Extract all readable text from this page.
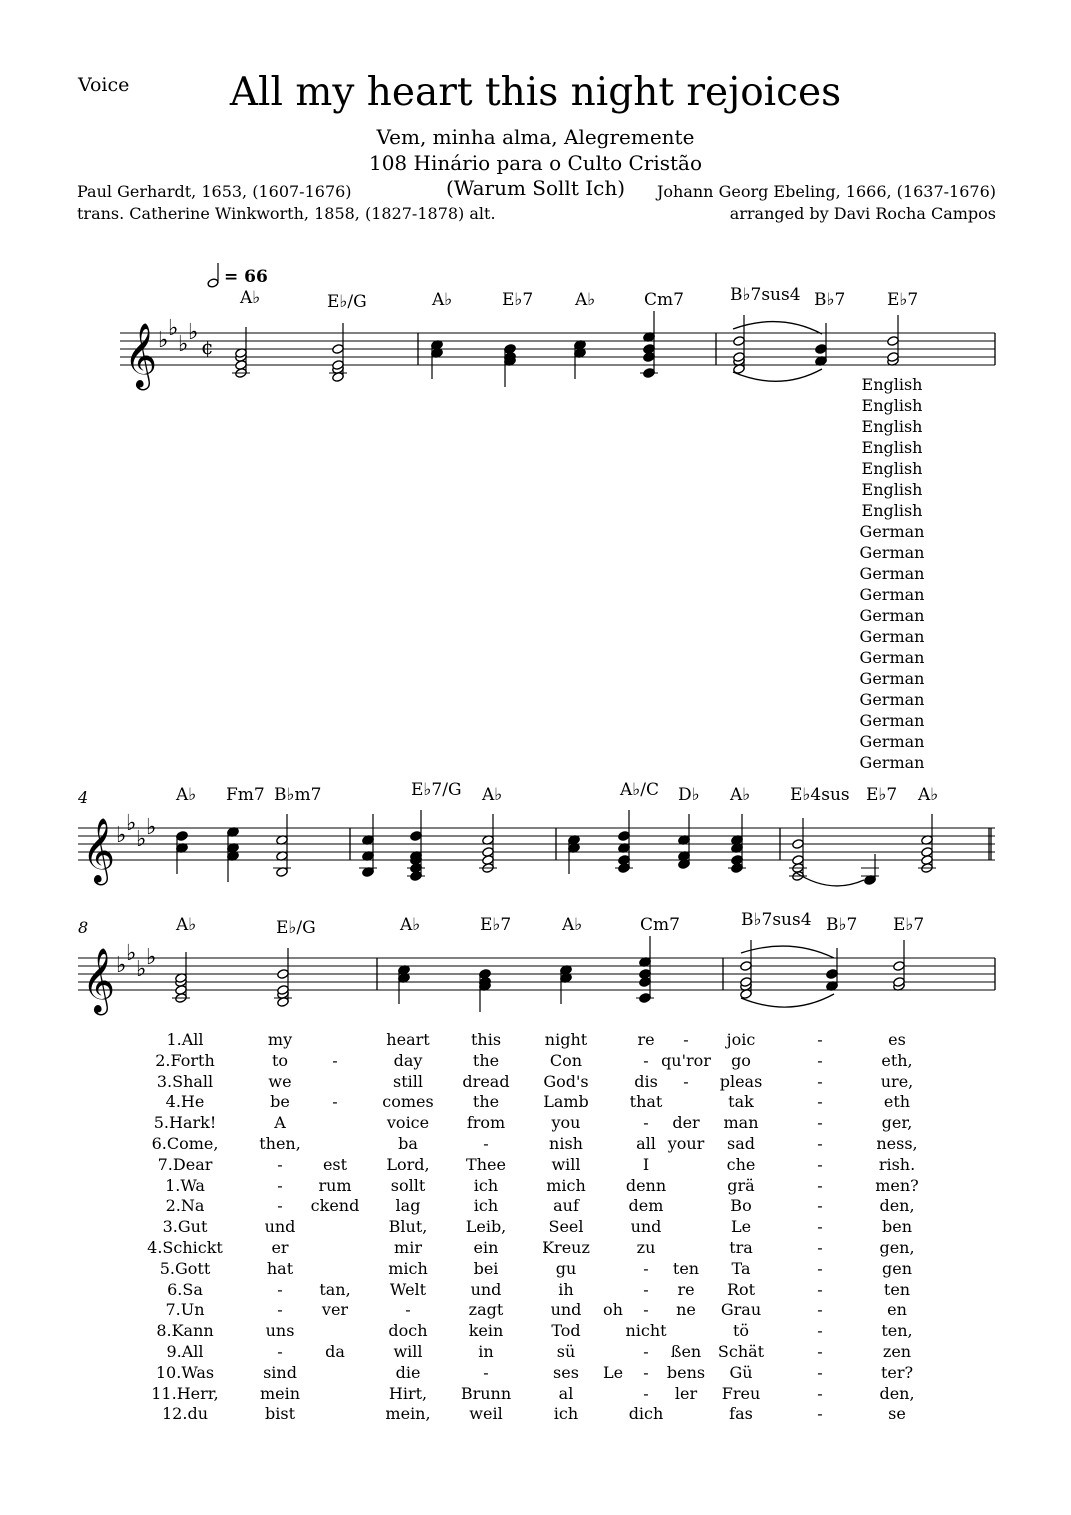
Voice	All my heart this night rejoices
Vem, minha alma, Alegremente
108 Hinário para o Culto Cristão
(Warum Sollt Ich)
Paul Gerhardt, 1653, (1607-1676)
trans. Catherine Winkworth, 1858, (1827-1878) alt.
Johann Georg Ebeling, 1666, (1637-1676)
arranged by Davi Rocha Campos
= 66
4
8
A♭	E♭/G	A♭	E♭7 A♭	Cm7	B♭7sus4 B♭7 E♭7
A♭ Fm7 B♭m7	E♭7/G A♭	A♭/C D♭ A♭ E♭4sus E♭7 A♭
A♭	E♭/G	A♭	E♭7	A♭	Cm7	B♭7sus4 B♭7 E♭7
English
English
English
English
English
English
English
German
German
German
German
German
German
German
German
German
German
German
German
𝄞 ♭ ♭
♭ ♭
¢
𝄞 ♭ ♭
♭ ♭
𝄞 ♭ ♭
♭ ♭
1.All	my	heart	this	night	re - joic	-	es
2.Forth	to	-	day	the	Con	- qu'ror go	-	eth,
3.Shall	we	still dread God's	dis - pleas	-	ure,
4.He	be	-	comes the	Lamb	that	tak	-	eth
5.Hark!	A	voice from	you	- der man	-	ger,
6.Come,	then,	ba	-	nish	all your sad	-	ness,
7.Dear	-	est Lord, Thee	will	I	che	-	rish.
1.Wa	- rum sollt	ich	mich	denn	grä	-	men?
2.Na	- ckend lag	ich	auf	dem	Bo	-	den,
3.Gut	und	Blut, Leib,	Seel	und	Le	-	ben
4.Schickt	er	mir	ein	Kreuz	zu	tra	-	gen,
5.Gott	hat	mich	bei	gu	- ten Ta	-	gen
6.Sa	- tan, Welt	und	ih	- re Rot	-	ten
7.Un	- ver	-	zagt	und oh - ne Grau	-	en
8.Kann	uns	doch	kein	Tod	nicht	tö	-	ten,
9.All	-	da	will	in	sü	- ßen Schät	-	zen
10.Was	sind	die	-	ses Le - bens Gü	-	ter?
11.Herr,	mein	Hirt, Brunn	al	- ler Freu	-	den,
12.du	bist	mein, weil	ich	dich	fas	-	se
